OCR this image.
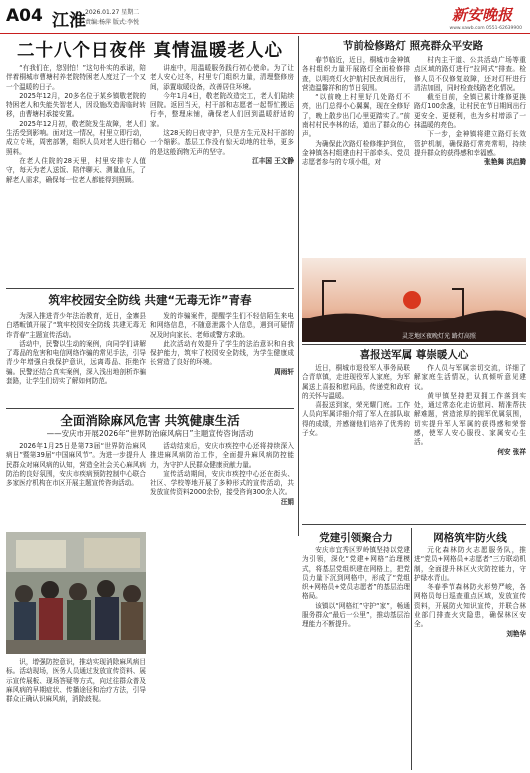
A04 江淮 2026.01.27 星期二
责编:杨萍 版式:李悦	新安晚报
www.xawb.com 0551-62639900
二十八个日夜伴 真情温暖老人心

“有我们在，您别怕！”这句朴实的承诺，陪伴着桐城市曹塘村养老院特困老人度过了一个又一个温暖的日子。

2025年12月，20多名位于某乡镇敬老院的特困老人和失能失智老人，因设施改造需临时转移，由曹塘村承接安置。

2025年12月初，敬老院发生故障，老人们生活受到影响。面对这一情况，村里立即行动，成立专班，周密部署，组织人员对老人进行精心照料。

在老人住院的28天里，村里安排专人值守，每天为老人送饭、陪伴聊天、测量血压，了解老人需求，确保每一位老人都能得到照顾。

讲座中，用温暖服务践行初心使命。为了让老人安心过冬，村里专门组织力量，清理整修房间，添置取暖设备，改善居住环境。

今年1月4日，敬老院改造完工，老人们陆续回院。返回当天，村干部和志愿者一起帮忙搬运行李，整理床铺，确保老人们回到温暖舒适的家。

这28天的日夜守护，只是方生元及村干部的一个缩影。基层工作没有惊天动地的壮举，更多的是这般润物无声的坚守。

江丰国 王文静
筑牢校园安全防线 共建“无毒无诈”青春

为深入推进青少年法治教育，近日，金寨县白塔畈镇开展了“筑牢校园安全防线 共建无毒无诈青春”主题宣传活动。

活动中，民警以生动的案例，向同学们讲解了毒品的危害和电信网络诈骗的常见手法，引导青少年增强自我保护意识，远离毒品、拒绝诈骗。民警还结合真实案例，深入浅出地剖析诈骗套路，让学生们切实了解如何防范。

发的诈骗案件，提醒学生们不轻信陌生来电和网络信息，不随意泄露个人信息，遇到可疑情况及时向家长、老师或警方求助。

此次活动有效提升了学生的法治意识和自我保护能力，筑牢了校园安全防线，为学生健康成长营造了良好的环境。

周雨轩
全面消除麻风危害 共筑健康生活
——安庆市开展2026年“世界防治麻风病日”主题宣传咨询活动

2026年1月25日是第73届“世界防治麻风病日”暨第39届“中国麻风节”。为进一步提升人民群众对麻风病的认知，营造全社会关心麻风病防治的良好氛围，安庆市疾病预防控制中心联合多家医疗机构在市区开展主题宣传咨询活动。

识，增强防控意识，推动实现消除麻风病目标。活动现场，医务人员通过发放宣传资料、展示宣传展板、现场答疑等方式，向过往群众普及麻风病的早期症状、传播途径和治疗方法，引导群众正确认识麻风病，消除歧视。

活动结束后，安庆市疾控中心还将持续深入推进麻风病防治工作，全面提升麻风病防控能力，为守护人民群众健康贡献力量。

宣传活动期间，安庆市疾控中心还在街头、社区、学校等地开展了多种形式的宣传活动，共发放宣传资料2000余份，接受咨询300余人次。

汪娟
节前检修路灯 照亮群众平安路

春节临近，近日，桐城市金神镇各村组织力量开展路灯全面检修排查，以明亮灯火护航村民夜间出行，营造温馨祥和的节日氛围。

“以前晚上村里好几处路灯不亮，出门总得小心翼翼，现在全修好了，晚上散步出门心里更踏实了。”前南村村民李林的话，道出了群众的心声。

为确保此次路灯检修维护到位，金神镇各村组建由村干部牵头、党员志愿者参与的专项小组，对

村内主干道、公共活动广场等重点区域的路灯进行“拉网式”排查。检修人员不仅修复故障，还对灯杆进行清洁加固，同时检查线路老化情况。

截至目前，全镇已累计维修更换路灯100余盏，让村民在节日期间出行更安全、更便利，也为乡村增添了一抹温暖的亮色。

下一步，金神镇将建立路灯长效管护机制，确保路灯常亮常明，持续提升群众的获得感和幸福感。

张艳舞 洪启腾
灵芝地区夜晚灯光 路灯高照
喜报送军属 尊崇暖人心

近日，桐城市退役军人事务局联合青草镇，走进现役军人家庭，为军属送上喜报和慰问品，传递党和政府的关怀与温暖。

喜报送到家，荣光耀门庭。工作人员向军属详细介绍了军人在部队取得的成绩，并感谢他们培养了优秀的子女。

作人员与军属亲切交流，详细了解家庭生活情况，认真倾听意见建议。

黄甲镇坚持把双拥工作落到实处，通过常态化走访慰问、精准帮扶解难题，营造浓厚的拥军优属氛围，切实提升军人军属的获得感和荣誉感，使军人安心服役、家属安心生活。

何安 张祥
党建引领聚合力

安庆市宜秀区罗岭镇坚持以党建为引领，深化“党建+网格”治理模式，将基层党组织建在网格上，把党员力量下沉到网格中，形成了“党组织+网格员+党员志愿者”的基层治理格局。

该镇以“网格红”守护“家”，畅通服务群众“最后一公里”，推动基层治理能力不断提升。

网格筑牢防火线

元化森林防火志愿服务队，推进“党员+网格员+志愿者”三方联动机制，全面提升林区火灾防控能力，守护绿水青山。

冬春季节森林防火形势严峻，各网格员每日巡查重点区域，发放宣传资料，开展防火知识宣传，并联合林业部门排查火灾隐患，确保林区安全。

刘艳华
